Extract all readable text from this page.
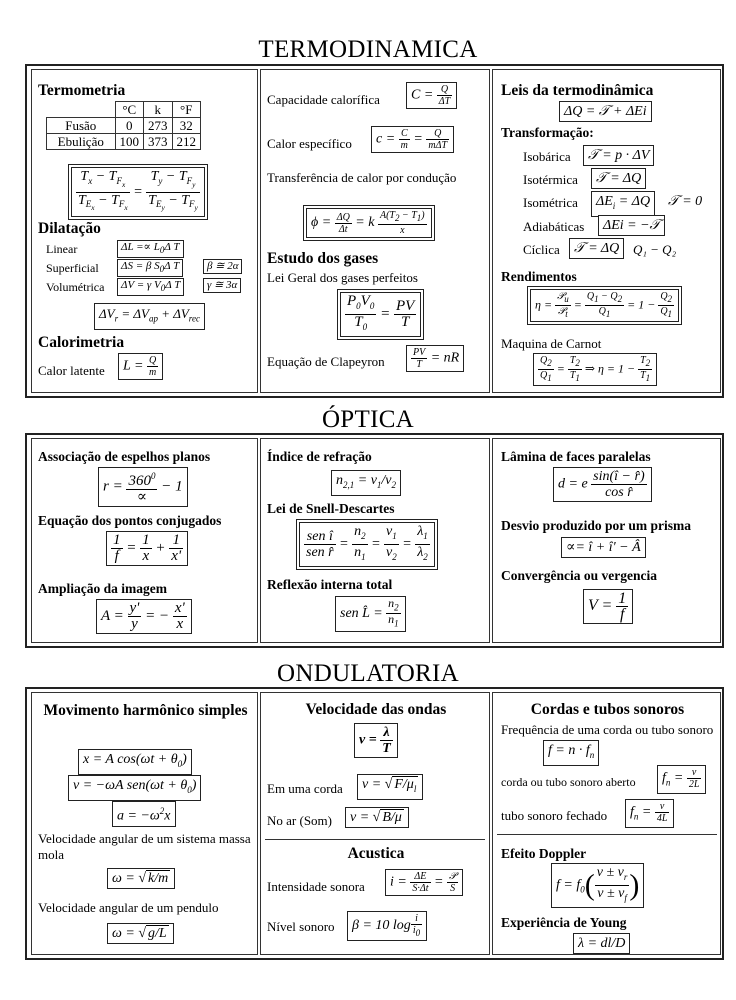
TERMODINAMICA
Termometria
	°C	k	°F
Fusão	0	273	32
Ebulição	100	373	212
$\frac{T_x - T_{F_x}}{T_{E_x} - T_{F_x}} = \frac{T_y - T_{F_y}}{T_{E_y} - T_{F_y}}$
Dilatação
Linear	$\Delta L =\propto L_0\Delta$ T
Superficial	ΔS = β $S_0\Delta$ T	β ≅ 2α
Volumétrica	ΔV = γ $V_0\Delta$ T	γ ≅ 3α
$\Delta V_r = \Delta V_{ap} + \Delta V_{rec}$
Calorimetria
Calor latente	$L = \frac{Q}{m}$
Capacidade calorífica	$C = \frac{Q}{\Delta T}$
Calor específico	$c = \frac{C}{m} = \frac{Q}{\text{mΔT}}$
Transferência de calor por condução
$\phi = \frac{\Delta Q}{\Delta t} = k \frac{A(T2 - T1)}{x}$
Estudo dos gases
Lei Geral dos gases perfeitos
$\frac{P_0V_0}{T_0} = \frac{PV}{T}$
Equação de Clapeyron	$\frac{PV}{T}$ = nR
Leis da termodinâmica
ΔQ = 𝒯 + ΔEi
Transformação:
Isobárica	𝒯 = p · ΔV
Isotérmica	𝒯 = ΔQ
Isométrica	$\Delta E_i = \Delta Q$	𝒯 = 0
Adiabáticas	ΔEi = −𝒯
Cíclica	𝒯 = ΔQ	Q₁ − Q₂
Rendimentos
$\eta = \frac{\text{𝒫u}}{\text{𝒫t}} = \frac{Q1 - Q2}{Q1} = 1 - \frac{Q2}{Q1}$
Maquina de Carnot
$\frac{Q2}{Q1} = \frac{T2}{T1}$ ⇒ $\eta = 1 - \frac{T2}{T1}$
ÓPTICA
Associação de espelhos planos
$r = \frac{360^0}{\propto} - 1$
Equação dos pontos conjugados
$\frac{1}{f} = \frac{1}{x} + \frac{1}{x'}$
Ampliação da imagem
$A = \frac{y'}{y}$ = − $\frac{x'}{x}$
Índice de refração
$n_{2,1} = v_1/v_2$
Lei de Snell-Descartes
$\frac{\text{sen î}}{\text{sen r̂}} = \frac{n_2}{n_1} = \frac{v_1}{v_2} = \frac{\lambda_1}{\lambda_2}$
Reflexão interna total
sen L̂ = $\frac{n_2}{n_1}$
Lâmina de faces paralelas
d = e $\frac{\sin(î - r̂)}{\text{cos r̂}}$
Desvio produzido por um prisma
∝= î + î' − Â
Convergência ou vergencia
$V = \frac{1}{f}$
ONDULATORIA
Movimento harmônico simples
x = A $\cos(\omega t + \theta_0)$
v = −ωA $sen(\omega t + \theta_0)$
$a = -\omega^2x$
Velocidade angular de um sistema massa mola
ω = √ k/m
Velocidade angular de um pendulo
ω = √ g/L
Velocidade das ondas
$v = \frac{\lambda}{T}$
Em uma corda	v = √ $F/\mu_l$
No ar (Som)	v = √ B/μ
Acustica
Intensidade sonora	$i = \frac{\Delta E}{S\cdot\Delta t} = \frac{\text{𝒫}}{S}$
Nível sonoro	β = 10 $\log \frac{i}{i0}$
Cordas e tubos sonoros
Frequência de uma corda ou tubo sonoro
$f = n \cdot f_n$
corda ou tubo sonoro aberto	$f_n = \frac{v}{2L}$
tubo sonoro fechado	$f_n = \frac{v}{4L}$
Efeito Doppler
$f = f_0( \frac{v \pm v_r}{v \pm v_f}$ )
Experiência de Young
λ = dl/D
